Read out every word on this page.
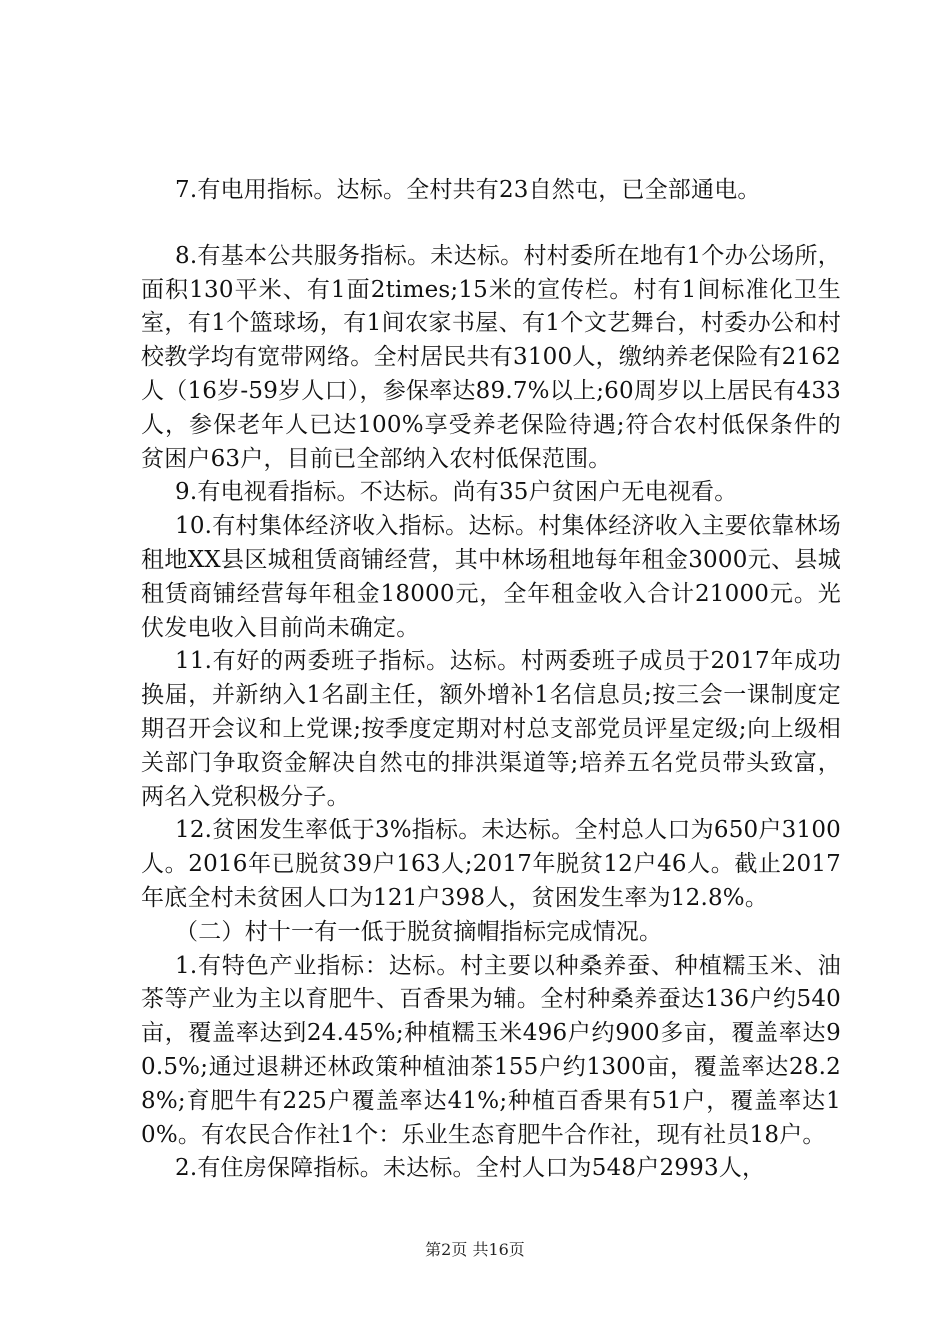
7.有电用指标。达标。全村共有23自然屯，已全部通电。

8.有基本公共服务指标。未达标。村村委所在地有1个办公场所，面积130平米、有1面2times;15米的宣传栏。村有1间标准化卫生室，有1个篮球场，有1间农家书屋、有1个文艺舞台，村委办公和村校教学均有宽带网络。全村居民共有3100人，缴纳养老保险有2162人（16岁-59岁人口），参保率达89.7%以上;60周岁以上居民有433人，参保老年人已达100%享受养老保险待遇;符合农村低保条件的贫困户63户，目前已全部纳入农村低保范围。

9.有电视看指标。不达标。尚有35户贫困户无电视看。

10.有村集体经济收入指标。达标。村集体经济收入主要依靠林场租地XX县区城租赁商铺经营，其中林场租地每年租金3000元、县城租赁商铺经营每年租金18000元，全年租金收入合计21000元。光伏发电收入目前尚未确定。

11.有好的两委班子指标。达标。村两委班子成员于2017年成功换届，并新纳入1名副主任，额外增补1名信息员;按三会一课制度定期召开会议和上党课;按季度定期对村总支部党员评星定级;向上级相关部门争取资金解决自然屯的排洪渠道等;培养五名党员带头致富，两名入党积极分子。

12.贫困发生率低于3%指标。未达标。全村总人口为650户3100人。2016年已脱贫39户163人;2017年脱贫12户46人。截止2017年底全村未贫困人口为121户398人，贫困发生率为12.8%。

（二）村十一有一低于脱贫摘帽指标完成情况。

1.有特色产业指标：达标。村主要以种桑养蚕、种植糯玉米、油茶等产业为主以育肥牛、百香果为辅。全村种桑养蚕达136户约540亩，覆盖率达到24.45%;种植糯玉米496户约900多亩，覆盖率达90.5%;通过退耕还林政策种植油茶155户约1300亩，覆盖率达28.28%;育肥牛有225户覆盖率达41%;种植百香果有51户，覆盖率达10%。有农民合作社1个：乐业生态育肥牛合作社，现有社员18户。

2.有住房保障指标。未达标。全村人口为548户2993人，

第2页 共16页
